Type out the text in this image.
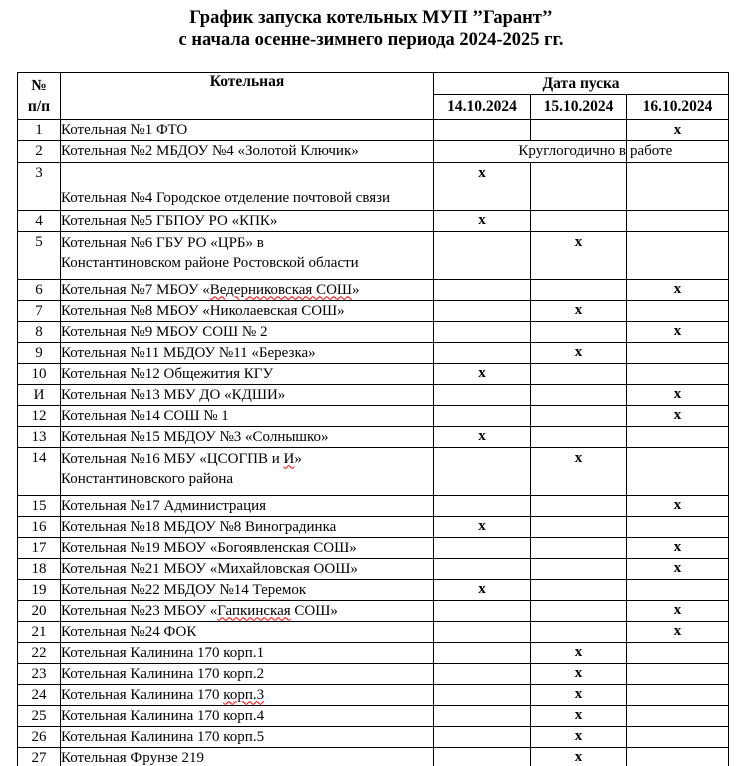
График запуска котельных МУП ’’Гарант’’
с начала осенне-зимнего периода 2024-2025 гг.
№
п/п	Котельная	Дата пуска		
		14.10.2024	15.10.2024	16.10.2024
1	Котельная №1 ФТО			х
2	Котельная №2 МБДОУ №4 «Золотой Ключик»	Круглогодично в работе		

3	Котельная №4 Городское отделение почтовой связи	х		
4	Котельная №5 ГБПОУ РО «КПК»	х		
5	Котельная №6 ГБУ РО «ЦРБ» в
Константиновском районе Ростовской области		х	
6	Котельная №7 МБОУ «Ведерниковская СОШ»			х
7	Котельная №8 МБОУ «Николаевская СОШ»		х	
8	Котельная №9 МБОУ СОШ № 2			х
9	Котельная №11 МБДОУ №11 «Березка»		х	
10	Котельная №12 Общежития КГУ	х		
И	Котельная №13 МБУ ДО «КДШИ»			х
12	Котельная №14 СОШ № 1			х
13	Котельная №15 МБДОУ №3 «Солнышко»	х		
14	Котельная №16 МБУ «ЦСОГПВ и И»
Константиновского района		х	
15	Котельная №17 Администрация			х
16	Котельная №18 МБДОУ №8 Виноградинка	х		
17	Котельная №19 МБОУ «Богоявленская СОШ»			х
18	Котельная №21 МБОУ «Михайловская ООШ»			х
19	Котельная №22 МБДОУ №14 Теремок	х		
20	Котельная №23 МБОУ «Гапкинская СОШ»			х
21	Котельная №24 ФОК			х
22	Котельная Калинина 170 корп.1		х	
23	Котельная Калинина 170 корп.2		х	
24	Котельная Калинина 170 корп.3		х	
25	Котельная Калинина 170 корп.4		х	
26	Котельная Калинина 170 корп.5		х	
27	Котельная Фрунзе 219		х	
